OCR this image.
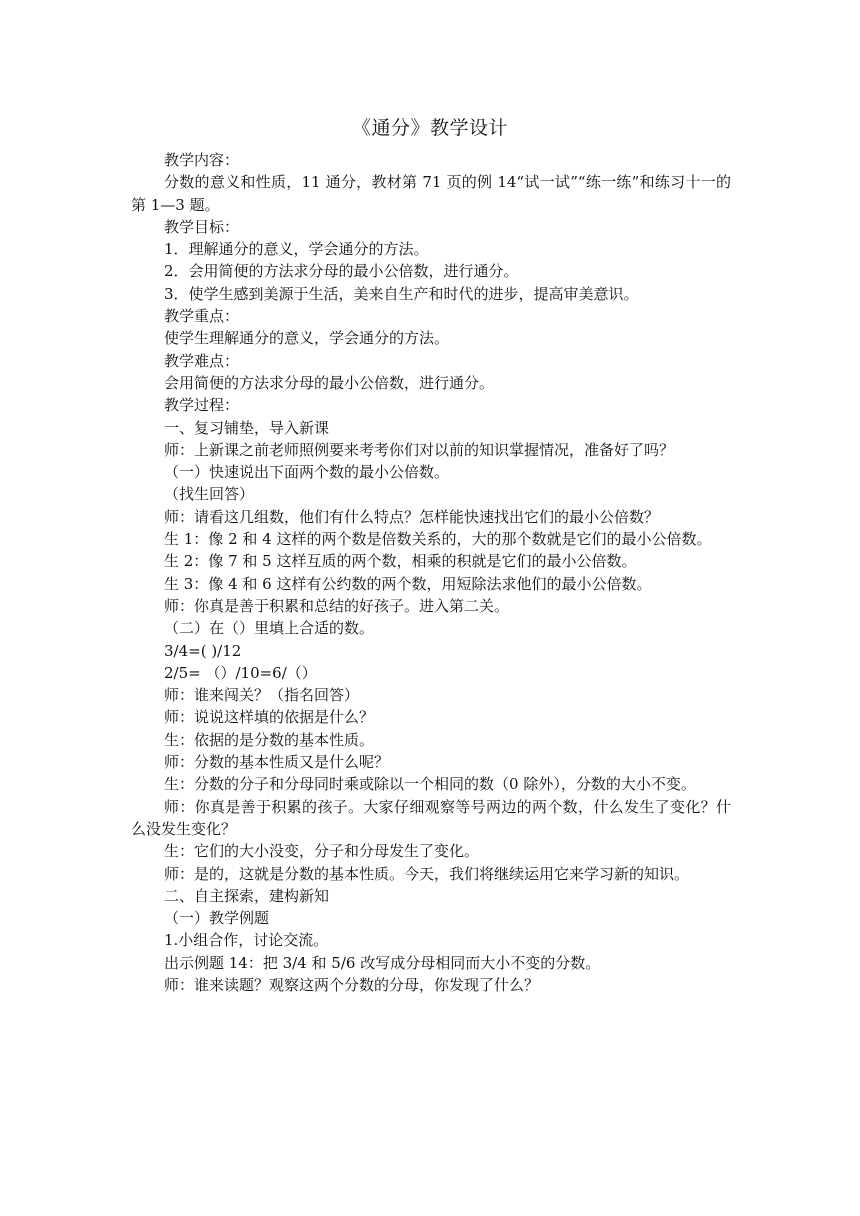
《通分》教学设计

教学内容：

分数的意义和性质，11 通分，教材第 71 页的例 14“试一试”“练一练”和练习十一的第 1—3 题。

教学目标：

1．理解通分的意义，学会通分的方法。

2．会用简便的方法求分母的最小公倍数，进行通分。

3．使学生感到美源于生活，美来自生产和时代的进步，提高审美意识。

教学重点：

使学生理解通分的意义，学会通分的方法。

教学难点：

会用简便的方法求分母的最小公倍数，进行通分。

教学过程：

一、复习铺垫，导入新课

师：上新课之前老师照例要来考考你们对以前的知识掌握情况，准备好了吗？

（一）快速说出下面两个数的最小公倍数。

（找生回答）

师：请看这几组数，他们有什么特点？怎样能快速找出它们的最小公倍数？

生 1：像 2 和 4 这样的两个数是倍数关系的，大的那个数就是它们的最小公倍数。

生 2：像 7 和 5 这样互质的两个数，相乘的积就是它们的最小公倍数。

生 3：像 4 和 6 这样有公约数的两个数，用短除法求他们的最小公倍数。

师：你真是善于积累和总结的好孩子。进入第二关。

（二）在（）里填上合适的数。

3/4=( )/12

2/5= （）/10=6/（）

师：谁来闯关？（指名回答）

师：说说这样填的依据是什么？

生：依据的是分数的基本性质。

师：分数的基本性质又是什么呢？

生：分数的分子和分母同时乘或除以一个相同的数（0 除外），分数的大小不变。

师：你真是善于积累的孩子。大家仔细观察等号两边的两个数，什么发生了变化？什么没发生变化？

生：它们的大小没变，分子和分母发生了变化。

师：是的，这就是分数的基本性质。今天，我们将继续运用它来学习新的知识。

二、自主探索，建构新知

（一）教学例题

1.小组合作，讨论交流。

出示例题 14：把 3/4 和 5/6 改写成分母相同而大小不变的分数。

师：谁来读题？观察这两个分数的分母，你发现了什么？
